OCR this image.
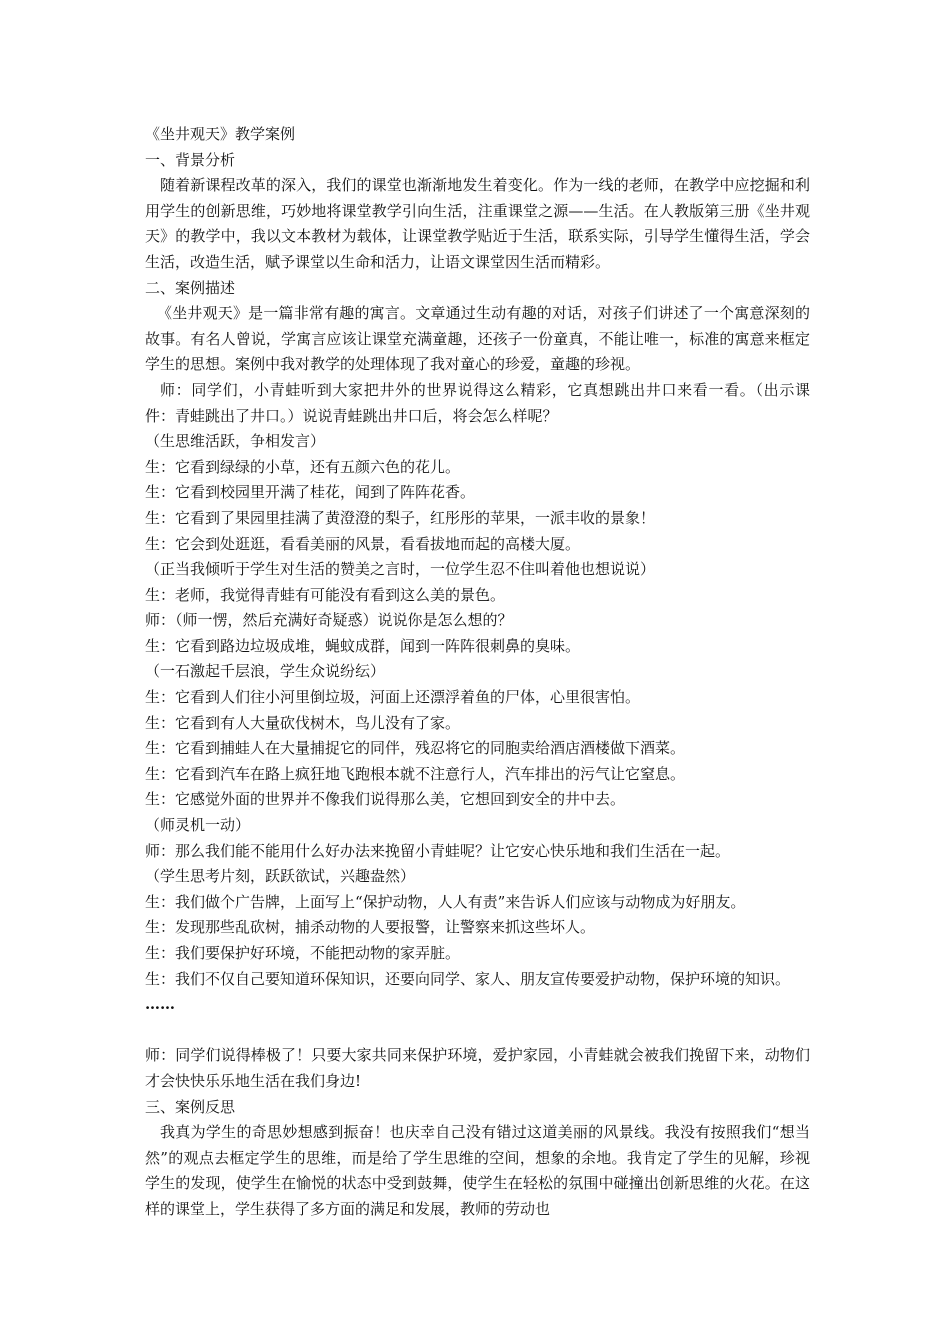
《坐井观天》教学案例

一、背景分析

随着新课程改革的深入，我们的课堂也渐渐地发生着变化。作为一线的老师，在教学中应挖掘和利用学生的创新思维，巧妙地将课堂教学引向生活，注重课堂之源——生活。在人教版第三册《坐井观天》的教学中，我以文本教材为载体，让课堂教学贴近于生活，联系实际，引导学生懂得生活，学会生活，改造生活，赋予课堂以生命和活力，让语文课堂因生活而精彩。

二、案例描述

《坐井观天》是一篇非常有趣的寓言。文章通过生动有趣的对话，对孩子们讲述了一个寓意深刻的故事。有名人曾说，学寓言应该让课堂充满童趣，还孩子一份童真，不能让唯一，标准的寓意来框定学生的思想。案例中我对教学的处理体现了我对童心的珍爱，童趣的珍视。

师：同学们，小青蛙听到大家把井外的世界说得这么精彩，它真想跳出井口来看一看。（出示课件：青蛙跳出了井口。）说说青蛙跳出井口后，将会怎么样呢？

（生思维活跃，争相发言）

生：它看到绿绿的小草，还有五颜六色的花儿。

生：它看到校园里开满了桂花，闻到了阵阵花香。

生：它看到了果园里挂满了黄澄澄的梨子，红彤彤的苹果，一派丰收的景象！

生：它会到处逛逛，看看美丽的风景，看看拔地而起的高楼大厦。

（正当我倾听于学生对生活的赞美之言时，一位学生忍不住叫着他也想说说）

生：老师，我觉得青蛙有可能没有看到这么美的景色。

师：（师一愣，然后充满好奇疑惑）说说你是怎么想的？

生：它看到路边垃圾成堆，蝇蚊成群，闻到一阵阵很刺鼻的臭味。

（一石激起千层浪，学生众说纷纭）

生：它看到人们往小河里倒垃圾，河面上还漂浮着鱼的尸体，心里很害怕。

生：它看到有人大量砍伐树木，鸟儿没有了家。

生：它看到捕蛙人在大量捕捉它的同伴，残忍将它的同胞卖给酒店酒楼做下酒菜。

生：它看到汽车在路上疯狂地飞跑根本就不注意行人，汽车排出的污气让它窒息。

生：它感觉外面的世界并不像我们说得那么美，它想回到安全的井中去。

（师灵机一动）

师：那么我们能不能用什么好办法来挽留小青蛙呢？让它安心快乐地和我们生活在一起。

（学生思考片刻，跃跃欲试，兴趣盎然）

生：我们做个广告牌，上面写上“保护动物，人人有责”来告诉人们应该与动物成为好朋友。

生：发现那些乱砍树，捕杀动物的人要报警，让警察来抓这些坏人。

生：我们要保护好环境，不能把动物的家弄脏。

生：我们不仅自己要知道环保知识，还要向同学、家人、朋友宣传要爱护动物，保护环境的知识。

……

师：同学们说得棒极了！只要大家共同来保护环境，爱护家园，小青蛙就会被我们挽留下来，动物们才会快快乐乐地生活在我们身边!

三、案例反思

我真为学生的奇思妙想感到振奋！也庆幸自己没有错过这道美丽的风景线。我没有按照我们“想当然”的观点去框定学生的思维，而是给了学生思维的空间，想象的余地。我肯定了学生的见解，珍视学生的发现，使学生在愉悦的状态中受到鼓舞，使学生在轻松的氛围中碰撞出创新思维的火花。在这样的课堂上，学生获得了多方面的满足和发展，教师的劳动也
